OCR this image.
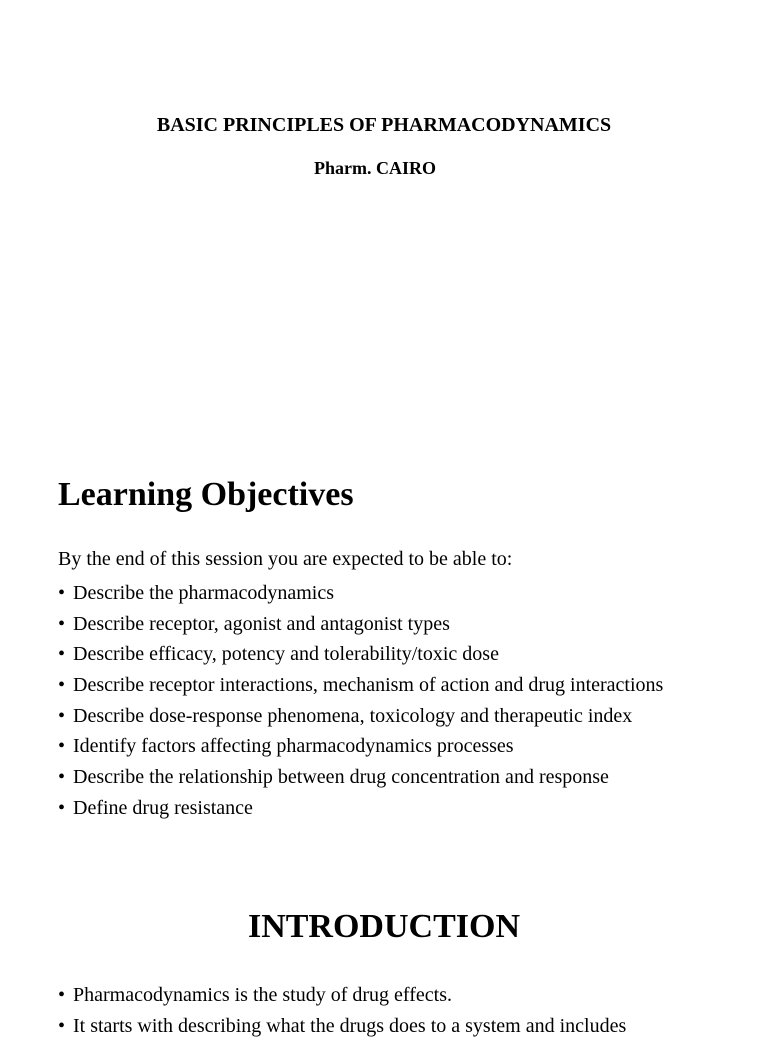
BASIC PRINCIPLES OF PHARMACODYNAMICS

Pharm. CAIRO

Learning Objectives

By the end of this session you are expected to be able to:

• Describe the pharmacodynamics
• Describe receptor, agonist and antagonist types
• Describe efficacy, potency and tolerability/toxic dose
• Describe receptor interactions, mechanism of action and drug interactions
• Describe dose-response phenomena, toxicology and therapeutic index
• Identify factors affecting pharmacodynamics processes
• Describe the relationship between drug concentration and response
• Define drug resistance
INTRODUCTION
• Pharmacodynamics is the study of drug effects.
• It starts with describing what the drugs does to a system and includes
